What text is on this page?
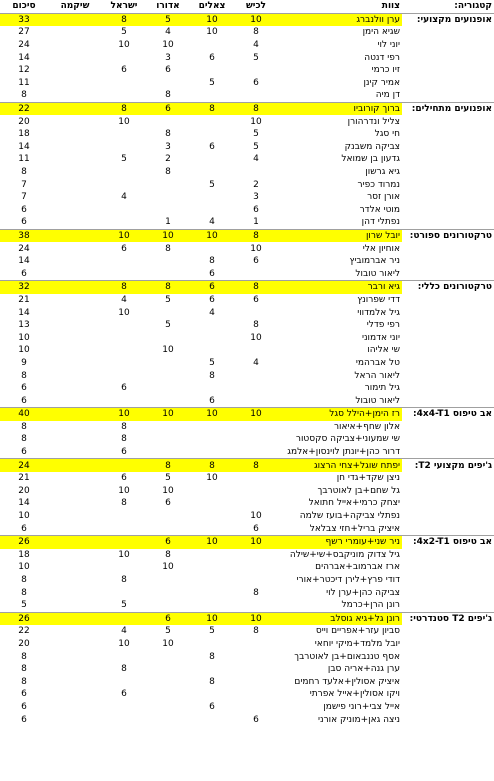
סיכום	שיקמה	ישראל	אדורו	צאלים	לכיש	צוות	קטגוריה:
33		8	5	10	10	ערן וולנברג	אופנועים מקצועי:
27		5	4	10	8	שגיא הימן	
24		10	10		4	יוני לוי	
14			3	6	5	רפי דנטה	
12		6	6			זיו כרמי	
11				5	6	אמיר קינן	
8			8			דן מיה	
22		8	6	8	8	ברוך קורוביו	אופנועים מתחילים:
20		10			10	צליל ונדרהורן	
18			8		5	חי סגל	
14			3	6	5	צביקה משבנק	
11		5	2		4	גדעון בן שמואל	
8			8			גיא גרשון	
7				5	2	נמרוד כפיר	
7		4			3	אורן זסר	
6					6	מוטי אלדר	
6			1	4	1	נפתלי דהן	
38		10	10	10	8	יובל שרון	טרקטורונים ספורט:
24		6	8		10	אוחיון אלי	
14				8	6	ניר אברמוביץ	
6				6		ליאור טובול	
32		8	8	6	8	גיא ורבר	טרקטורונים כללי:
21		4	5	6	6	דדי שפרונץ	
14		10		4		גיל אלמדווי	
13			5		8	רפי פדלי	
10					10	יוני אדמוני	
10			10			שי אליהו	
9				5	4	טל אברהמי	
8				8		ליאור הראל	
6		6				גיל תימור	
6				6		ליאור טובול	
40		10	10	10	10	רז הימן+הילל סגל	אב טיפוס 4x4-T1:
8		8				אלון שחף+איאור	
8		8				שי שמעוני+צביקה סקסטור	
6		6				דרור כהן+יונתן לוינסון+אלמג	
24			8	8	8	יפתח שוגל+צחי הרצוג	ג'יפים מקצועי T2:
21		6	5	10		ניצן שקד+גדי חן	
20		10	10			גל שחם+בן לאוטרבך	
14		8	6			יצחק כרמי+אייל חתואל	
10					10	נפתלי צביקה+בועז שלמה	
6					6	איציק בריל+חזי צבלאל	
26			6	10	10	ניר שני+עומרי רשף	אב טיפוס 4x2-T1:
18		10	8			גיל צדוק מוניקבס+שי+שילה	
10			10			ארז אברמוב+אברהים	
8		8				דודי פרץ+לירן דיכטר+אורי	
8					8	צביקה כהן+ערן לוי	
5		5				רונן הרן+כרמל	
26			6	10	10	רונן גל+גיא גוסלב	ג'יפים T2 סטנדרטי:
22		4	5	5	8	סביון עזר+אפריים וייס	
20		10	10			יובל מלמד+מיקי יוחאי	
8				8		אסף טננבאום+בן לאוטרבך	
8		8				ערן גנה+אריה סבן	
8				8		איציק אסולין+אלעד רחמים	
6		6				ויקו אסולין+אייל אפרתי	
6				6		אייל צבי+רוני פישמן	
6					6	ניצה גאן+מוניק אורני	
